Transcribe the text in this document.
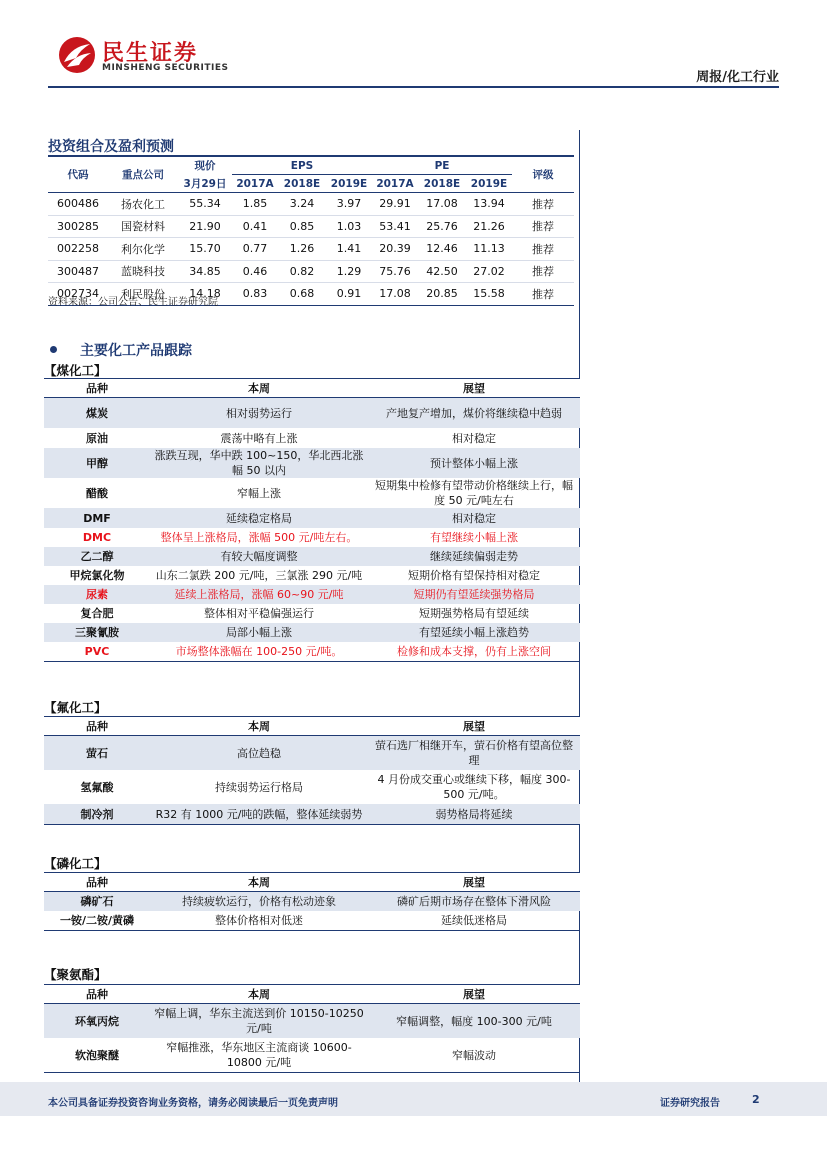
民生证券
MINSHENG SECURITIES
周报/化工行业
投资组合及盈利预测
代码	重点公司	现价	EPS			PE			评级
		3月29日	2017A	2018E	2019E	2017A	2018E	2019E	
600486	扬农化工	55.34	1.85	3.24	3.97	29.91	17.08	13.94	推荐
300285	国瓷材料	21.90	0.41	0.85	1.03	53.41	25.76	21.26	推荐
002258	利尔化学	15.70	0.77	1.26	1.41	20.39	12.46	11.13	推荐
300487	蓝晓科技	34.85	0.46	0.82	1.29	75.76	42.50	27.02	推荐
002734	利民股份	14.18	0.83	0.68	0.91	17.08	20.85	15.58	推荐
资料来源：公司公告、民生证券研究院
主要化工产品跟踪
【煤化工】
品种	本周	展望
煤炭	相对弱势运行	产地复产增加，煤价将继续稳中趋弱
原油	震荡中略有上涨	相对稳定
甲醇	涨跌互现，华中跌 100~150，华北西北涨幅 50 以内	预计整体小幅上涨
醋酸	窄幅上涨	短期集中检修有望带动价格继续上行，幅度 50 元/吨左右
DMF	延续稳定格局	相对稳定
DMC	整体呈上涨格局，涨幅 500 元/吨左右。	有望继续小幅上涨
乙二醇	有较大幅度调整	继续延续偏弱走势
甲烷氯化物	山东二氯跌 200 元/吨，三氯涨 290 元/吨	短期价格有望保持相对稳定
尿素	延续上涨格局，涨幅 60~90 元/吨	短期仍有望延续强势格局
复合肥	整体相对平稳偏强运行	短期强势格局有望延续
三聚氰胺	局部小幅上涨	有望延续小幅上涨趋势
PVC	市场整体涨幅在 100-250 元/吨。	检修和成本支撑，仍有上涨空间
【氟化工】
品种	本周	展望
萤石	高位趋稳	萤石选厂相继开车，萤石价格有望高位整理
氢氟酸	持续弱势运行格局	4 月份成交重心或继续下移，幅度 300-500 元/吨。
制冷剂	R32 有 1000 元/吨的跌幅，整体延续弱势	弱势格局将延续
【磷化工】
品种	本周	展望
磷矿石	持续疲软运行，价格有松动迹象	磷矿后期市场存在整体下滑风险
一铵/二铵/黄磷	整体价格相对低迷	延续低迷格局
【聚氨酯】
品种	本周	展望
环氧丙烷	窄幅上调，华东主流送到价 10150-10250 元/吨	窄幅调整，幅度 100-300 元/吨
软泡聚醚	窄幅推涨，华东地区主流商谈 10600-10800 元/吨	窄幅波动
本公司具备证券投资咨询业务资格，请务必阅读最后一页免责声明	证券研究报告	2
